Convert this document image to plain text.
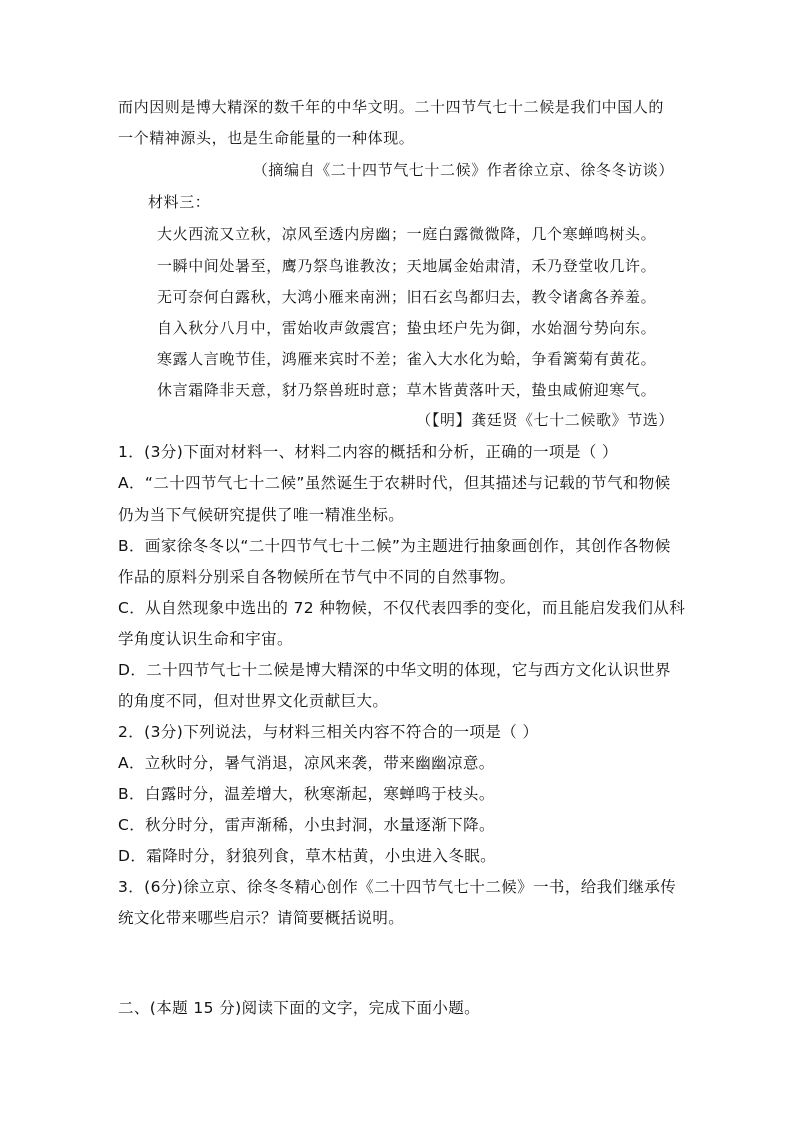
而内因则是博大精深的数千年的中华文明。二十四节气七十二候是我们中国人的
一个精神源头，也是生命能量的一种体现。
（摘编自《二十四节气七十二候》作者徐立京、徐冬冬访谈）
材料三：
大火西流又立秋，凉风至透内房幽；一庭白露微微降，几个寒蝉鸣树头。
一瞬中间处暑至，鹰乃祭鸟谁教汝；天地属金始肃清，禾乃登堂收几许。
无可奈何白露秋，大鸿小雁来南洲；旧石玄鸟都归去，教令诸禽各养羞。
自入秋分八月中，雷始收声敛震宫；蛰虫坯户先为御，水始涸兮势向东。
寒露人言晚节佳，鸿雁来宾时不差；雀入大水化为蛤，争看篱菊有黄花。
休言霜降非天意，豺乃祭兽班时意；草木皆黄落叶天，蛰虫咸俯迎寒气。
（【明】龚廷贤《七十二候歌》节选）
1．(3分)下面对材料一、材料二内容的概括和分析，正确的一项是（ ）
A．“二十四节气七十二候”虽然诞生于农耕时代，但其描述与记载的节气和物候
仍为当下气候研究提供了唯一精准坐标。
B．画家徐冬冬以“二十四节气七十二候”为主题进行抽象画创作，其创作各物候
作品的原料分别采自各物候所在节气中不同的自然事物。
C．从自然现象中选出的 72 种物候，不仅代表四季的变化，而且能启发我们从科
学角度认识生命和宇宙。
D．二十四节气七十二候是博大精深的中华文明的体现，它与西方文化认识世界
的角度不同，但对世界文化贡献巨大。
2．(3分)下列说法，与材料三相关内容不符合的一项是（ ）
A．立秋时分，暑气消退，凉风来袭，带来幽幽凉意。
B．白露时分，温差增大，秋寒渐起，寒蝉鸣于枝头。
C．秋分时分，雷声渐稀，小虫封洞，水量逐渐下降。
D．霜降时分，豺狼列食，草木枯黄，小虫进入冬眠。
3．(6分)徐立京、徐冬冬精心创作《二十四节气七十二候》一书，给我们继承传
统文化带来哪些启示？请简要概括说明。
二、(本题 15 分)阅读下面的文字，完成下面小题。
